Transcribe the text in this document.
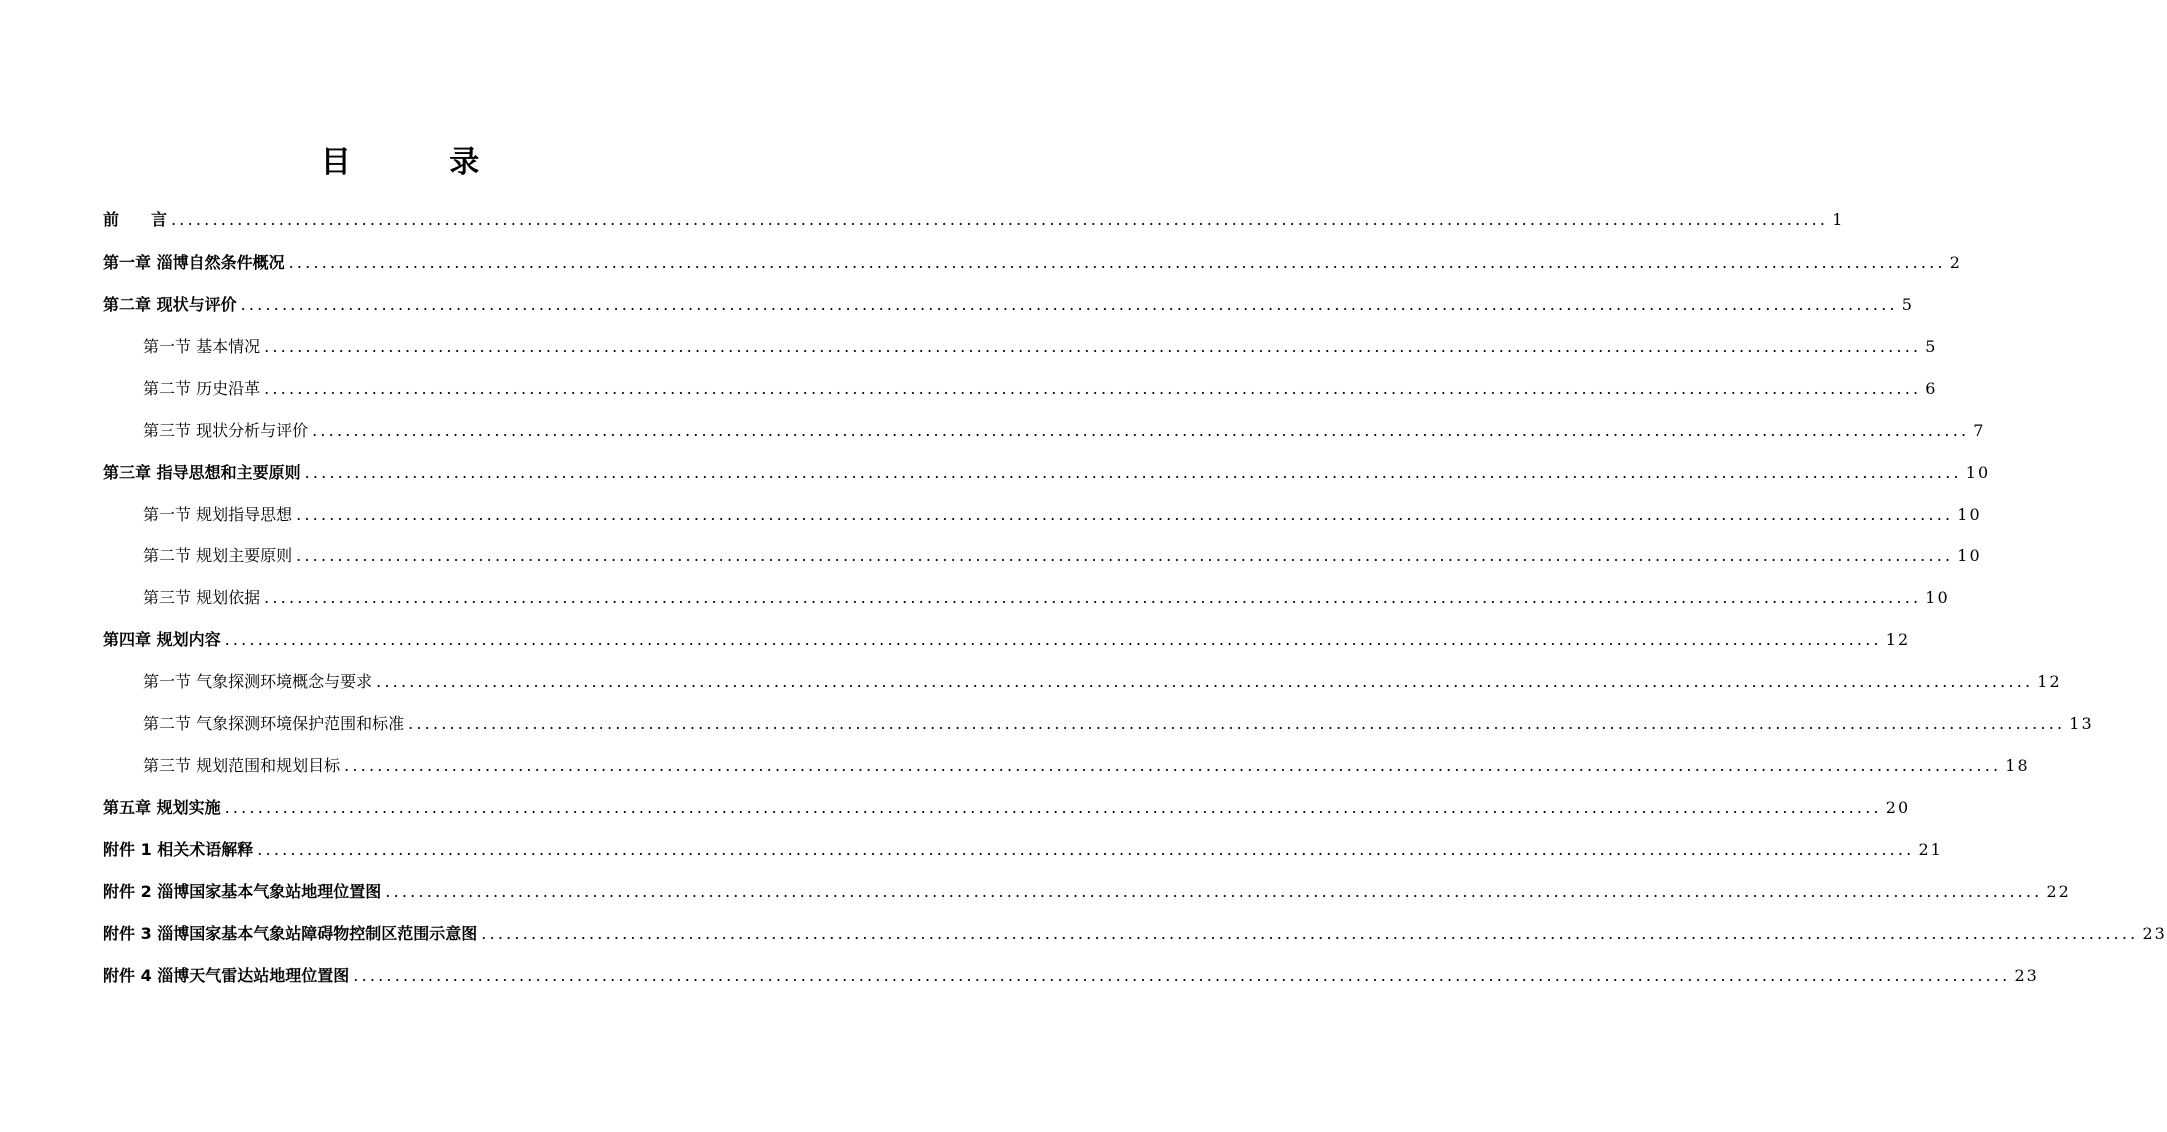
目 录
前　　言 ........................................................................................................................................................................................................ 1
第一章 淄博自然条件概况 ........................................................................................................................................................................................................ 2
第二章 现状与评价 ........................................................................................................................................................................................................ 5
第一节 基本情况 ........................................................................................................................................................................................................ 5
第二节 历史沿革 ........................................................................................................................................................................................................ 6
第三节 现状分析与评价 ........................................................................................................................................................................................................ 7
第三章 指导思想和主要原则 ........................................................................................................................................................................................................ 10
第一节 规划指导思想 ........................................................................................................................................................................................................ 10
第二节 规划主要原则 ........................................................................................................................................................................................................ 10
第三节 规划依据 ........................................................................................................................................................................................................ 10
第四章 规划内容 ........................................................................................................................................................................................................ 12
第一节 气象探测环境概念与要求 ........................................................................................................................................................................................................ 12
第二节 气象探测环境保护范围和标准 ........................................................................................................................................................................................................ 13
第三节 规划范围和规划目标 ........................................................................................................................................................................................................ 18
第五章 规划实施 ........................................................................................................................................................................................................ 20
附件 1 相关术语解释 ........................................................................................................................................................................................................ 21
附件 2 淄博国家基本气象站地理位置图 ........................................................................................................................................................................................................ 22
附件 3 淄博国家基本气象站障碍物控制区范围示意图 ........................................................................................................................................................................................................ 23
附件 4 淄博天气雷达站地理位置图 ........................................................................................................................................................................................................ 23
